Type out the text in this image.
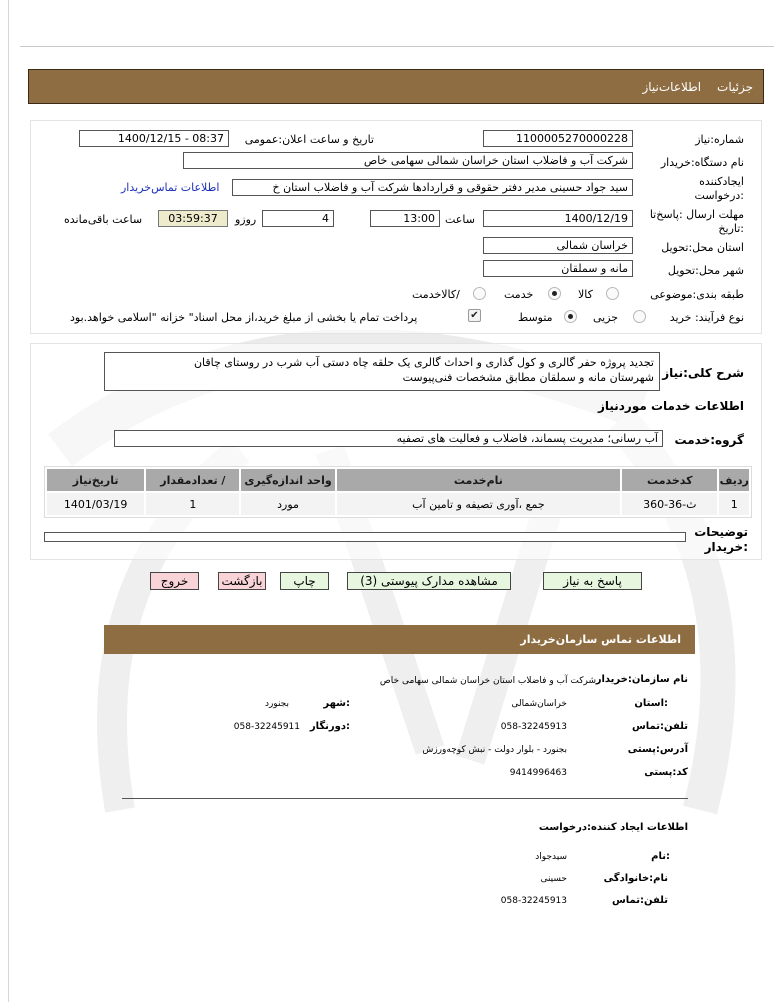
جزئیات
اطلاعات‌نیاز
شماره:نیاز
1100005270000228
تاریخ و ساعت اعلان:عمومی
1400/12/15 - 08:37
نام دستگاه:خریدار
شرکت آب و فاضلاب استان خراسان شمالی سهامی خاص
ایجادکننده
:درخواست
سید جواد حسینی مدیر دفتر حقوقی و قراردادها شرکت آب و فاضلاب استان خ
اطلاعات تماس‌خریدار
مهلت ارسال :پاسخ‌تا
:تاریخ
1400/12/19
ساعت
13:00
4
روزو
03:59:37
ساعت باقی‌مانده
استان محل:تحویل
خراسان شمالی
شهر محل:تحویل
مانه و سملقان
طبقه بندی:موضوعی
کالا
خدمت
/کالاخدمت
نوع فرآیند: خرید
جزیی
متوسط
✔
پرداخت تمام یا بخشی از مبلغ خرید،از محل اسناد" خزانه "اسلامی خواهد.بود
شرح کلی:نیاز
تجدید پروژه حفر گالری و کول گذاری و احداث گالری یک حلقه چاه دستی آب شرب در روستای چاقان
شهرستان مانه و سملقان مطابق مشخصات فنی‌پیوست
اطلاعات خدمات موردنیاز
گروه:خدمت
آب رسانی؛ مدیریت پسماند، فاضلاب و فعالیت های تصفیه
ردیف	کدخدمت	نام‌خدمت	واحد اندازه‌گیری	/ تعدادمقدار	تاریخ‌نیاز
1	ث-36-360	جمع ،آوری تصیفه و تامین آب	مورد	1	1401/03/19
توضیحات
:خریدار
پاسخ به نیاز
مشاهده مدارک پیوستی (3)
چاپ
بازگشت
خروج
اطلاعات تماس سازمان‌خریدار
نام سازمان:خریدار
شرکت آب و فاضلاب استان خراسان شمالی سهامی خاص
:استان
خراسان‌شمالی
:شهر
بجنورد
تلفن:تماس
058-32245913
:دورنگار
058-32245911
آدرس:پستی
بجنورد - بلوار دولت - نبش کوچه‌ورزش
کد:پستی
9414996463
اطلاعات ایجاد کننده:درخواست
:نام
سیدجواد
نام:خانوادگی
حسینی
تلفن:تماس
058-32245913
